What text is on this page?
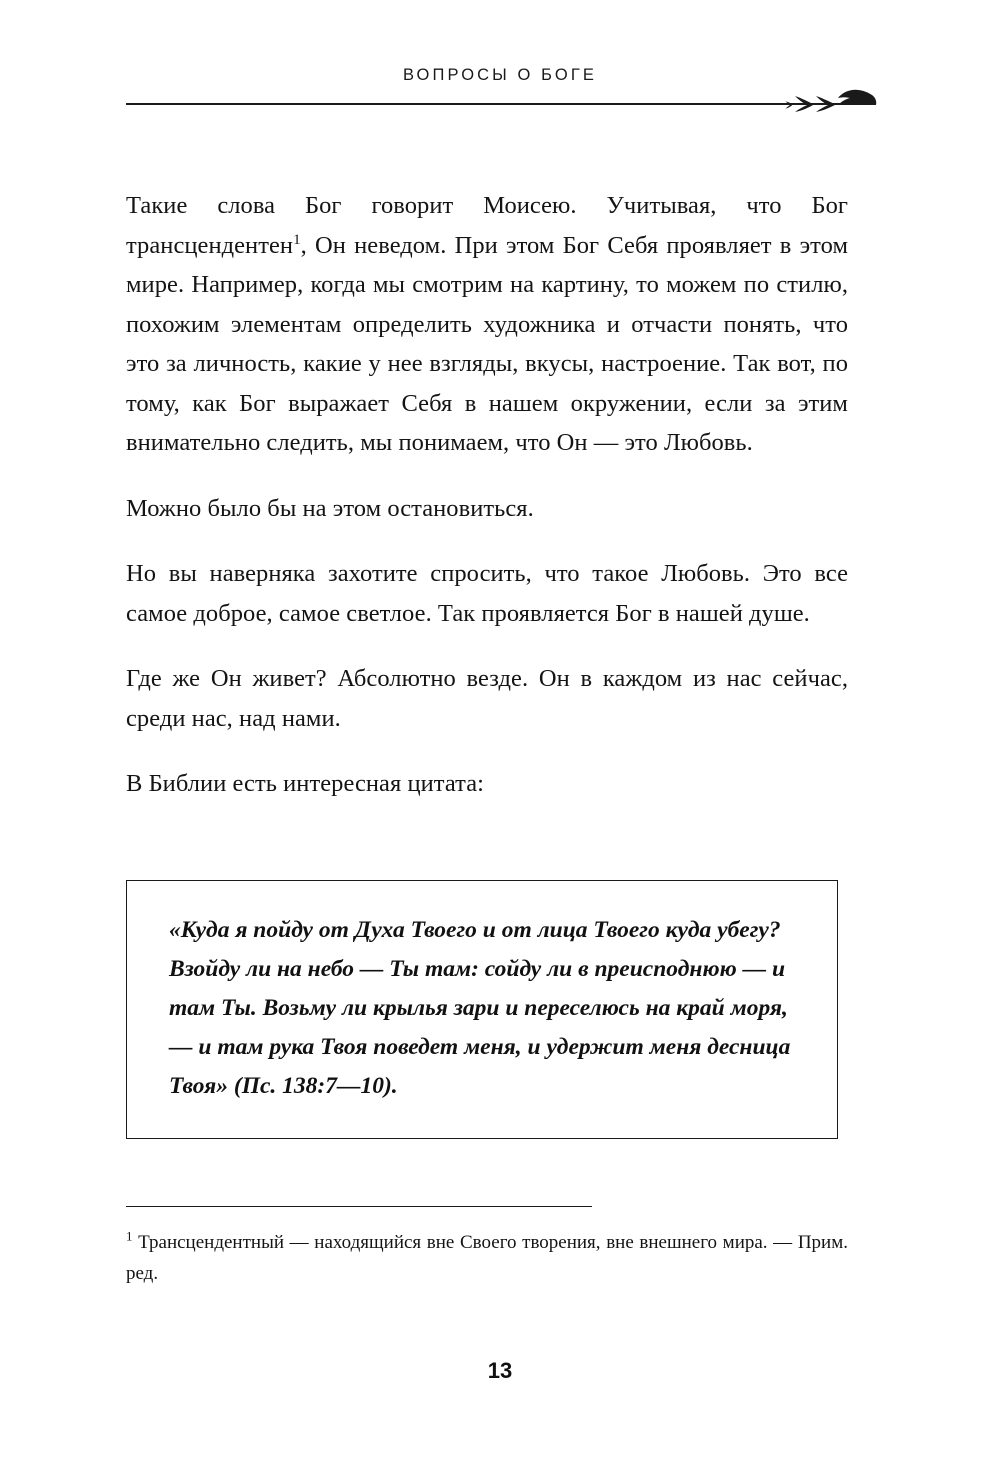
ВОПРОСЫ О БОГЕ

Такие слова Бог говорит Моисею. Учитывая, что Бог трансцендентен$^1$, Он неведом. При этом Бог Себя проявляет в этом мире. Например, когда мы смотрим на картину, то можем по стилю, похожим элементам определить художника и отчасти понять, что это за личность, какие у нее взгляды, вкусы, настроение. Так вот, по тому, как Бог выражает Себя в нашем окружении, если за этим внимательно следить, мы понимаем, что Он — это Любовь.

Можно было бы на этом остановиться.

Но вы наверняка захотите спросить, что такое Любовь. Это все самое доброе, самое светлое. Так проявляется Бог в нашей душе.

Где же Он живет? Абсолютно везде. Он в каждом из нас сейчас, среди нас, над нами.

В Библии есть интересная цитата:

«Куда я пойду от Духа Твоего и от лица Твоего куда убегу? Взойду ли на небо — Ты там: сойду ли в преисподнюю — и там Ты. Возьму ли крылья зари и переселюсь на край моря, — и там рука Твоя поведет меня, и удержит меня десница Твоя» (Пс. 138:7—10).

$^1$ Трансцендентный — находящийся вне Своего творения, вне внешнего мира. — Прим. ред.

13
